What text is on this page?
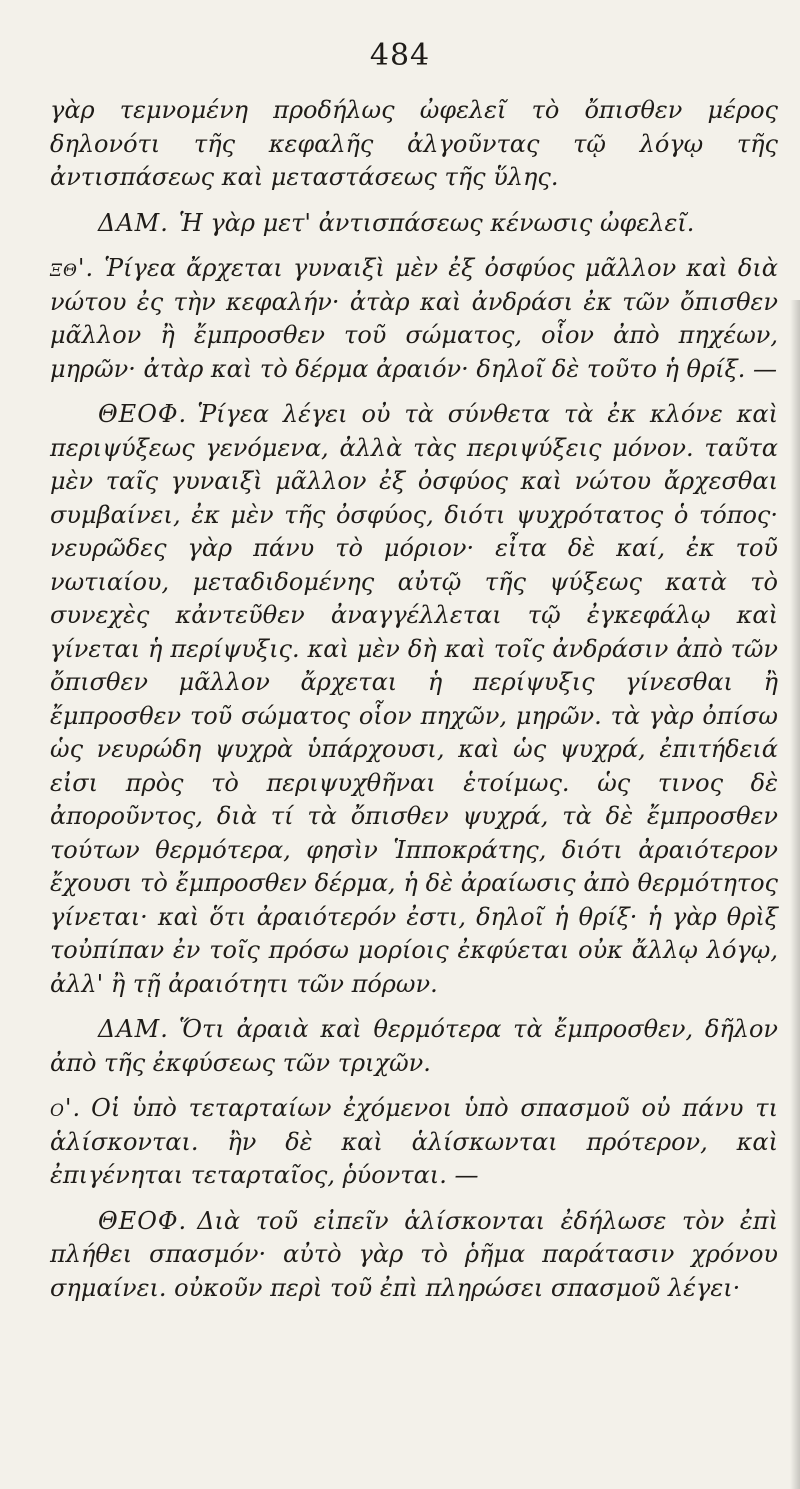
484

γὰρ τεμνομένη προδήλως ὠφελεῖ τὸ ὄπισθεν μέρος δηλονότι τῆς κεφαλῆς ἀλγοῦντας τῷ λόγῳ τῆς ἀντισπάσεως καὶ μεταστάσεως τῆς ὕλης.

ΔΑΜ. Ἡ γὰρ μετ' ἀντισπάσεως κένωσις ὠφελεῖ.

ξθ'. Ῥίγεα ἄρχεται γυναιξὶ μὲν ἐξ ὀσφύος μᾶλλον καὶ διὰ νώτου ἐς τὴν κεφαλήν· ἀτὰρ καὶ ἀνδράσι ἐκ τῶν ὄπισθεν μᾶλλον ἢ ἔμπροσθεν τοῦ σώματος, οἷον ἀπὸ πηχέων, μηρῶν· ἀτὰρ καὶ τὸ δέρμα ἀραιόν· δηλοῖ δὲ τοῦτο ἡ θρίξ. —

ΘΕΟΦ. Ῥίγεα λέγει οὐ τὰ σύνθετα τὰ ἐκ κλόνε καὶ περιψύξεως γενόμενα, ἀλλὰ τὰς περιψύξεις μόνον. ταῦτα μὲν ταῖς γυναιξὶ μᾶλλον ἐξ ὀσφύος καὶ νώτου ἄρχεσθαι συμβαίνει, ἐκ μὲν τῆς ὀσφύος, διότι ψυχρότατος ὁ τόπος· νευρῶδες γὰρ πάνυ τὸ μόριον· εἶτα δὲ καί, ἐκ τοῦ νωτιαίου, μεταδιδομένης αὐτῷ τῆς ψύξεως κατὰ τὸ συνεχὲς κἀντεῦθεν ἀναγγέλλεται τῷ ἐγκεφάλῳ καὶ γίνεται ἡ περίψυξις. καὶ μὲν δὴ καὶ τοῖς ἀνδράσιν ἀπὸ τῶν ὄπισθεν μᾶλλον ἄρχεται ἡ περίψυξις γίνεσθαι ἢ ἔμπροσθεν τοῦ σώματος οἷον πηχῶν, μηρῶν. τὰ γὰρ ὀπίσω ὡς νευρώδη ψυχρὰ ὑπάρχουσι, καὶ ὡς ψυχρά, ἐπιτήδειά εἰσι πρὸς τὸ περιψυχθῆναι ἑτοίμως. ὡς τινος δὲ ἀποροῦντος, διὰ τί τὰ ὄπισθεν ψυχρά, τὰ δὲ ἔμπροσθεν τούτων θερμότερα, φησὶν Ἱπποκράτης, διότι ἀραιότερον ἔχουσι τὸ ἔμπροσθεν δέρμα, ἡ δὲ ἀραίωσις ἀπὸ θερμότητος γίνεται· καὶ ὅτι ἀραιότερόν ἐστι, δηλοῖ ἡ θρίξ· ἡ γὰρ θρὶξ τοὐπίπαν ἐν τοῖς πρόσω μορίοις ἐκφύεται οὐκ ἄλλῳ λόγῳ, ἀλλ' ἢ τῇ ἀραιότητι τῶν πόρων.

ΔΑΜ. Ὅτι ἀραιὰ καὶ θερμότερα τὰ ἔμπροσθεν, δῆλον ἀπὸ τῆς ἐκφύσεως τῶν τριχῶν.

ο'. Οἱ ὑπὸ τεταρταίων ἐχόμενοι ὑπὸ σπασμοῦ οὐ πάνυ τι ἁλίσκονται. ἢν δὲ καὶ ἁλίσκωνται πρότερον, καὶ ἐπιγένηται τεταρταῖος, ῥύονται. —

ΘΕΟΦ. Διὰ τοῦ εἰπεῖν ἁλίσκονται ἐδήλωσε τὸν ἐπὶ πλήθει σπασμόν· αὐτὸ γὰρ τὸ ῥῆμα παράτασιν χρόνου σημαίνει. οὐκοῦν περὶ τοῦ ἐπὶ πληρώσει σπασμοῦ λέγει·
